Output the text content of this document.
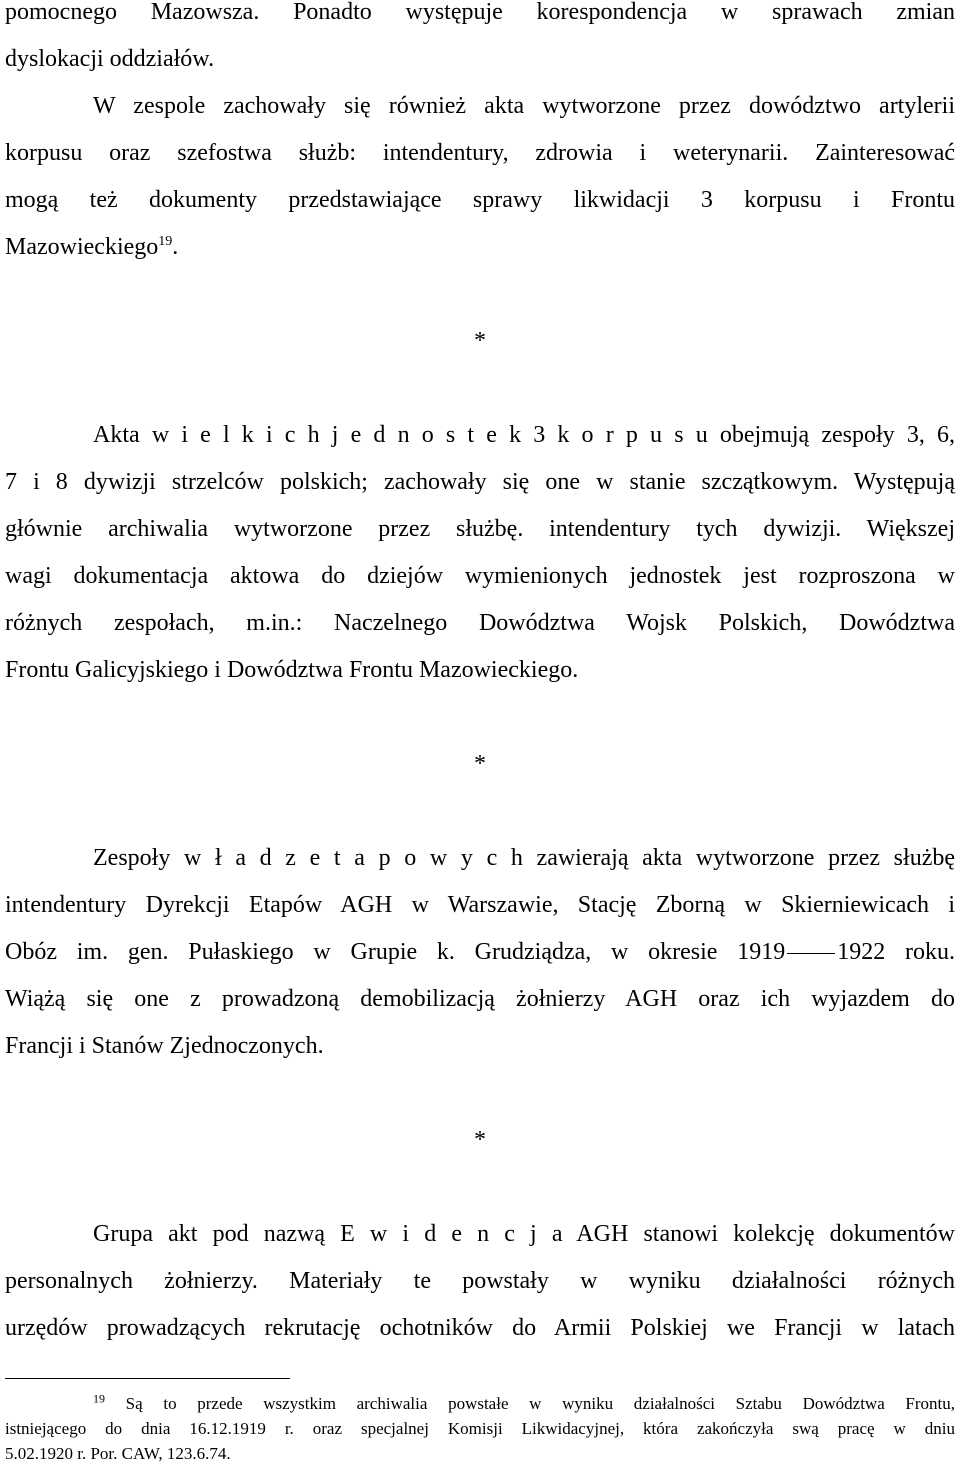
pomocnego Mazowsza. Ponadto występuje korespondencja w sprawach zmian

dyslokacji oddziałów.

W zespole zachowały się również akta wytworzone przez dowództwo artylerii

korpusu oraz szefostwa służb: intendentury, zdrowia i weterynarii. Zainteresować

mogą też dokumenty przedstawiające sprawy likwidacji 3 korpusu i Frontu

Mazowieckiego$^{19}$.

*

Akta w i e l k i c h j e d n o s t e k 3 k o r p u s u obejmują zespoły 3, 6,

7 i 8 dywizji strzelców polskich; zachowały się one w stanie szczątkowym. Występują

głównie archiwalia wytworzone przez służbę. intendentury tych dywizji. Większej

wagi dokumentacja aktowa do dziejów wymienionych jednostek jest rozproszona w

różnych zespołach, m.in.: Naczelnego Dowództwa Wojsk Polskich, Dowództwa

Frontu Galicyjskiego i Dowództwa Frontu Mazowieckiego.

*

Zespoły w ł a d z e t a p o w y c h zawierają akta wytworzone przez służbę

intendentury Dyrekcji Etapów AGH w Warszawie, Stację Zborną w Skierniewicach i

Obóz im. gen. Pułaskiego w Grupie k. Grudziądza, w okresie 1919 1922 roku.

Wiążą się one z prowadzoną demobilizacją żołnierzy AGH oraz ich wyjazdem do

Francji i Stanów Zjednoczonych.

*

Grupa akt pod nazwą E w i d e n c j a AGH stanowi kolekcję dokumentów

personalnych żołnierzy. Materiały te powstały w wyniku działalności różnych

urzędów prowadzących rekrutację ochotników do Armii Polskiej we Francji w latach

$^{19}$ Są to przede wszystkim archiwalia powstałe w wyniku działalności Sztabu Dowództwa Frontu,

istniejącego do dnia 16.12.1919 r. oraz specjalnej Komisji Likwidacyjnej, która zakończyła swą pracę w dniu

5.02.1920 r. Por. CAW, 123.6.74.
